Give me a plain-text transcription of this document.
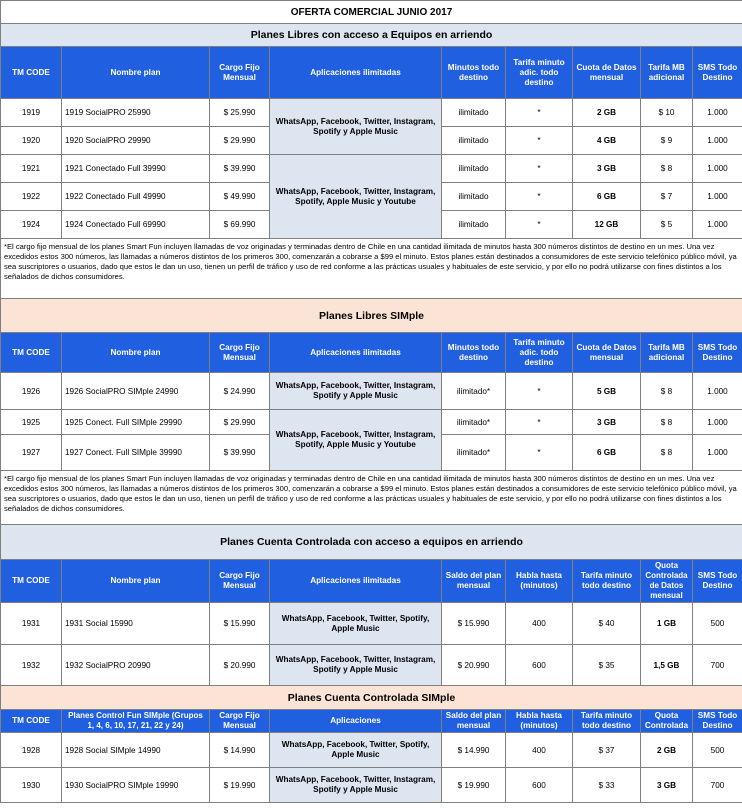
OFERTA COMERCIAL JUNIO 2017								
Planes Libres con acceso a Equipos en arriendo								
TM CODE	Nombre plan	Cargo Fijo Mensual	Aplicaciones ilimitadas	Minutos todo destino	Tarifa minuto adic. todo destino	Cuota de Datos mensual	Tarifa MB adicional	SMS Todo Destino
1919	1919 SocialPRO 25990	$ 25.990	WhatsApp, Facebook, Twitter, Instagram, Spotify y Apple Music	ilimitado	*	2 GB	$ 10	1.000
1920	1920 SocialPRO 29990	$ 29.990		ilimitado	*	4 GB	$ 9	1.000
1921	1921 Conectado Full 39990	$ 39.990	WhatsApp, Facebook, Twitter, Instagram, Spotify, Apple Music y Youtube	ilimitado	*	3 GB	$ 8	1.000
1922	1922 Conectado Full 49990	$ 49.990		ilimitado	*	6 GB	$ 7	1.000
1924	1924 Conectado Full 69990	$ 69.990		ilimitado	*	12 GB	$ 5	1.000
*El cargo fijo mensual de los planes Smart Fun incluyen llamadas de voz originadas y terminadas dentro de Chile en una cantidad ilimitada de minutos hasta 300 números distintos de destino en un mes. Una vez excedidos estos 300 números, las llamadas a números distintos de los primeros 300, comenzarán a cobrarse a $99 el minuto. Estos planes están destinados a consumidores de este servicio telefónico público móvil, ya sea suscriptores o usuarios, dado que estos le dan un uso, tienen un perfil de tráfico y uso de red conforme a las prácticas usuales y habituales de este servicio, y por ello no podrá utilizarse con fines distintos a los señalados de dichos consumidores.								
Planes Libres SIMple								
TM CODE	Nombre plan	Cargo Fijo Mensual	Aplicaciones ilimitadas	Minutos todo destino	Tarifa minuto adic. todo destino	Cuota de Datos mensual	Tarifa MB adicional	SMS Todo Destino
1926	1926 SocialPRO SIMple 24990	$ 24.990	WhatsApp, Facebook, Twitter, Instagram, Spotify y Apple Music	ilimitado*	*	5 GB	$ 8	1.000
1925	1925 Conect. Full SIMple 29990	$ 29.990	WhatsApp, Facebook, Twitter, Instagram, Spotify, Apple Music y Youtube	ilimitado*	*	3 GB	$ 8	1.000
1927	1927 Conect. Full SIMple 39990	$ 39.990		ilimitado*	*	6 GB	$ 8	1.000
*El cargo fijo mensual de los planes Smart Fun incluyen llamadas de voz originadas y terminadas dentro de Chile en una cantidad ilimitada de minutos hasta 300 números distintos de destino en un mes. Una vez excedidos estos 300 números, las llamadas a números distintos de los primeros 300, comenzarán a cobrarse a $99 el minuto. Estos planes están destinados a consumidores de este servicio telefónico público móvil, ya sea suscriptores o usuarios, dado que estos le dan un uso, tienen un perfil de tráfico y uso de red conforme a las prácticas usuales y habituales de este servicio, y por ello no podrá utilizarse con fines distintos a los señalados de dichos consumidores.								
Planes Cuenta Controlada con acceso a equipos en arriendo								
TM CODE	Nombre plan	Cargo Fijo Mensual	Aplicaciones ilimitadas	Saldo del plan mensual	Habla hasta (minutos)	Tarifa minuto todo destino	Quota Controlada de Datos mensual	SMS Todo Destino
1931	1931 Social 15990	$ 15.990	WhatsApp, Facebook, Twitter, Spotify, Apple Music	$ 15.990	400	$ 40	1 GB	500
1932	1932 SocialPRO 20990	$ 20.990	WhatsApp, Facebook, Twitter, Instagram, Spotify y Apple Music	$ 20.990	600	$ 35	1,5 GB	700
Planes Cuenta Controlada SIMple								
TM CODE	Planes Control Fun SIMple (Grupos 1, 4, 6, 10, 17, 21, 22 y 24)	Cargo Fijo Mensual	Aplicaciones	Saldo del plan mensual	Habla hasta (minutos)	Tarifa minuto todo destino	Quota Controlada	SMS Todo Destino
1928	1928 Social SIMple 14990	$ 14.990	WhatsApp, Facebook, Twitter, Spotify, Apple Music	$ 14.990	400	$ 37	2 GB	500
1930	1930 SocialPRO SIMple 19990	$ 19.990	WhatsApp, Facebook, Twitter, Instagram, Spotify y Apple Music	$ 19.990	600	$ 33	3 GB	700
